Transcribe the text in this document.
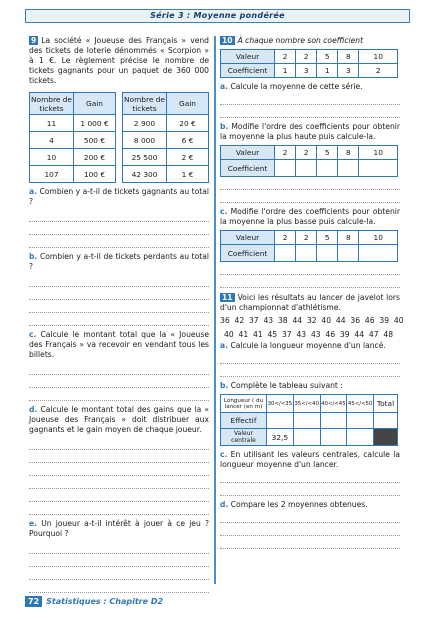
Série 3 : Moyenne pondérée

9 La société « Joueuse des Français » vend des tickets de loterie dénommés « Scorpion » à 1 €. Le règlement précise le nombre de tickets gagnants pour un paquet de 360 000 tickets.

Nombre de tickets	Gain
11	1 000 €
4	500 €
10	200 €
107	100 €
Nombre de tickets	Gain
2 900	20 €
8 000	6 €
25 500	2 €
42 300	1 €

a. Combien y a-t-il de tickets gagnants au total ?

b. Combien y a-t-il de tickets perdants au total ?

c. Calcule le montant total que la « Joueuse des Français » va recevoir en vendant tous les billets.

d. Calcule le montant total des gains que la « Joueuse des Français » doit distribuer aux gagnants et le gain moyen de chaque joueur.

e. Un joueur a-t-il intérêt à jouer à ce jeu ? Pourquoi ?

10 À chaque nombre son coefficient

Valeur	2	2	5	8	10
Coefficient	1	3	1	3	2

a. Calcule la moyenne de cette série.

b. Modifie l'ordre des coefficients pour obtenir la moyenne la plus haute puis calcule-la.

Valeur	2	2	5	8	10
Coefficient					

c. Modifie l'ordre des coefficients pour obtenir la moyenne la plus basse puis calcule-la.

Valeur	2	2	5	8	10
Coefficient					

11 Voici les résultats au lancer de javelot lors d'un championnat d'athlétisme.

36  42  37  43  38  44  32  40  44  36  46  39  40

40  41  41  45  37  43  43  46  39  44  47  48

a. Calcule la longueur moyenne d'un lancé.

b. Complète le tableau suivant :

Longueur ( du lancer (en m)	30</<35	35</<40	40</<45	45</<50	Total
Effectif					
Valeur centrale	32,5				

c. En utilisant les valeurs centrales, calcule la longueur moyenne d'un lancer.

d. Compare les 2 moyennes obtenues.

72 Statistiques : Chapitre D2
